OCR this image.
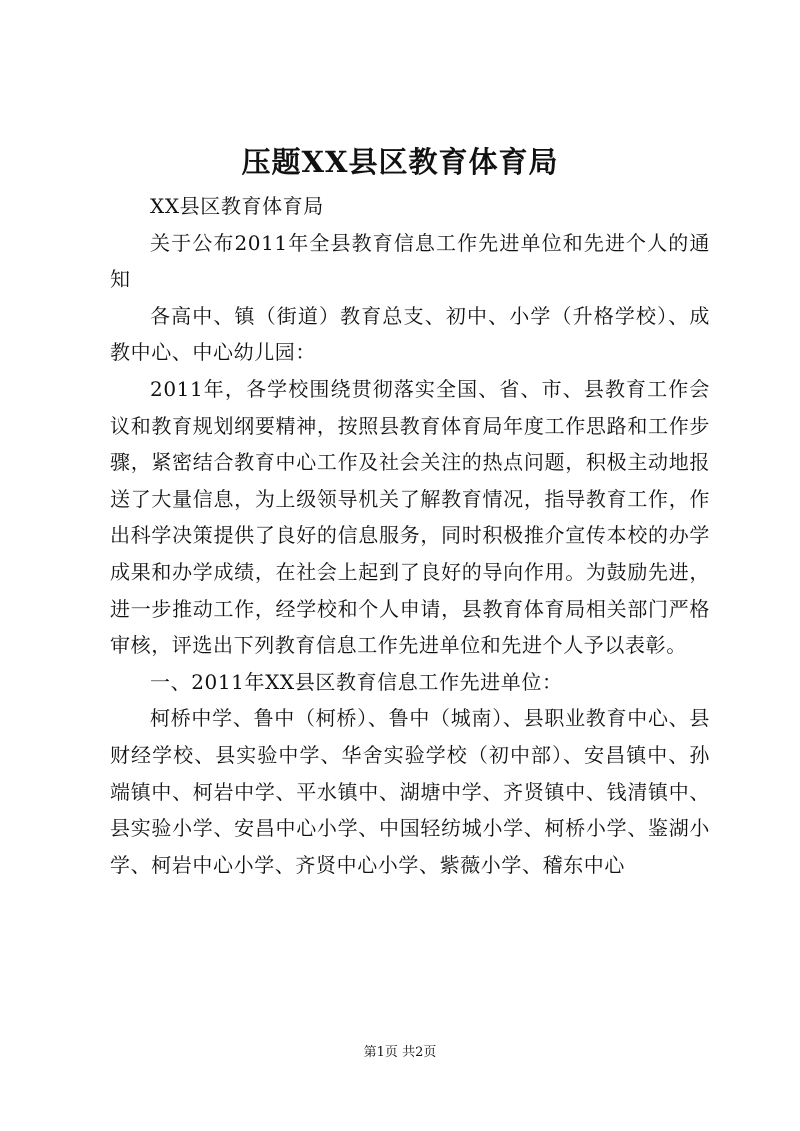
压题XX县区教育体育局

XX县区教育体育局

关于公布2011年全县教育信息工作先进单位和先进个人的通知

各高中、镇（街道）教育总支、初中、小学（升格学校）、成教中心、中心幼儿园：

2011年，各学校围绕贯彻落实全国、省、市、县教育工作会议和教育规划纲要精神，按照县教育体育局年度工作思路和工作步骤，紧密结合教育中心工作及社会关注的热点问题，积极主动地报送了大量信息，为上级领导机关了解教育情况，指导教育工作，作出科学决策提供了良好的信息服务，同时积极推介宣传本校的办学成果和办学成绩，在社会上起到了良好的导向作用。为鼓励先进，进一步推动工作，经学校和个人申请，县教育体育局相关部门严格审核，评选出下列教育信息工作先进单位和先进个人予以表彰。

一、2011年XX县区教育信息工作先进单位：

柯桥中学、鲁中（柯桥）、鲁中（城南）、县职业教育中心、县财经学校、县实验中学、华舍实验学校（初中部）、安昌镇中、孙端镇中、柯岩中学、平水镇中、湖塘中学、齐贤镇中、钱清镇中、县实验小学、安昌中心小学、中国轻纺城小学、柯桥小学、鉴湖小学、柯岩中心小学、齐贤中心小学、紫薇小学、稽东中心

第1页 共2页
